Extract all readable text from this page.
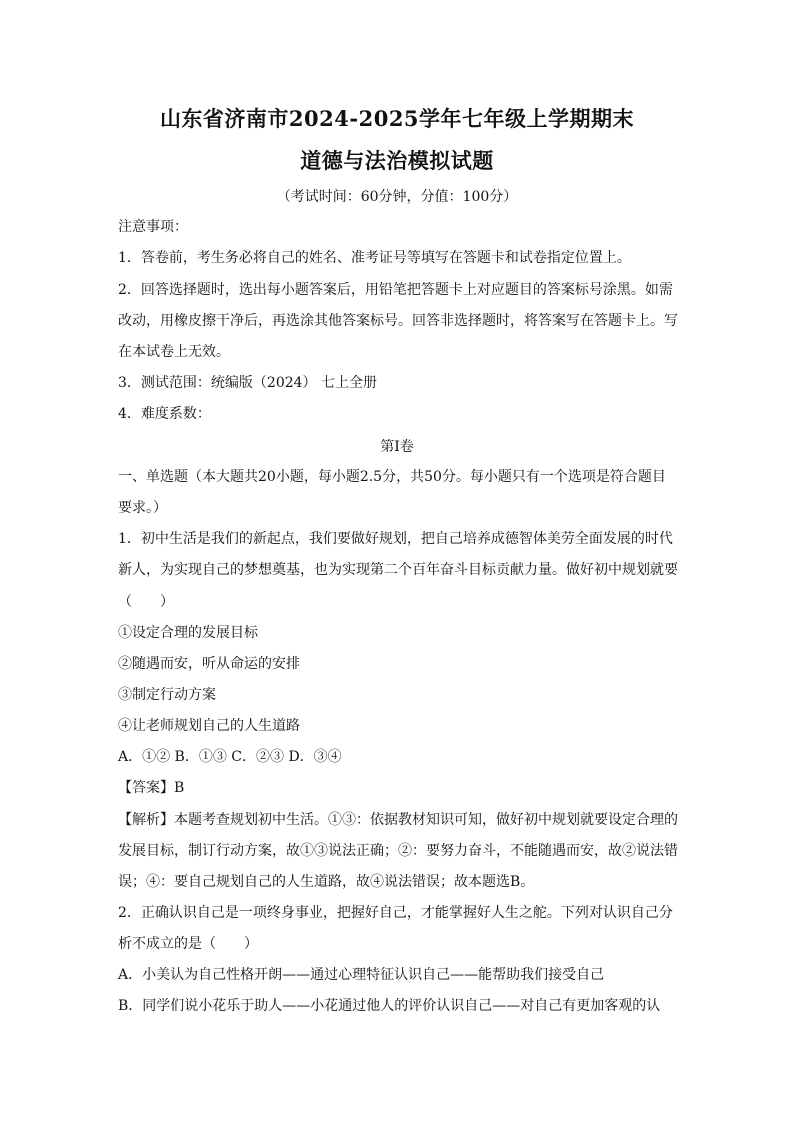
山东省济南市2024-2025学年七年级上学期期末
道德与法治模拟试题
（考试时间：60分钟，分值：100分）
注意事项：
1．答卷前，考生务必将自己的姓名、准考证号等填写在答题卡和试卷指定位置上。
2．回答选择题时，选出每小题答案后，用铅笔把答题卡上对应题目的答案标号涂黑。如需
改动，用橡皮擦干净后，再选涂其他答案标号。回答非选择题时，将答案写在答题卡上。写
在本试卷上无效。
3．测试范围：统编版（2024） 七上全册
4．难度系数：
第Ⅰ卷
一、单选题（本大题共20小题，每小题2.5分，共50分。每小题只有一个选项是符合题目
要求。）
1．初中生活是我们的新起点，我们要做好规划，把自己培养成德智体美劳全面发展的时代
新人，为实现自己的梦想奠基，也为实现第二个百年奋斗目标贡献力量。做好初中规划就要
（　　）
①设定合理的发展目标
②随遇而安，听从命运的安排
③制定行动方案
④让老师规划自己的人生道路
A．①② B．①③ C．②③ D．③④
【答案】B
【解析】本题考查规划初中生活。①③：依据教材知识可知，做好初中规划就要设定合理的
发展目标，制订行动方案，故①③说法正确；②：要努力奋斗，不能随遇而安，故②说法错
误；④：要自己规划自己的人生道路，故④说法错误；故本题选B。
2．正确认识自己是一项终身事业，把握好自己，才能掌握好人生之舵。下列对认识自己分
析不成立的是（　　）
A．小美认为自己性格开朗——通过心理特征认识自己——能帮助我们接受自己
B．同学们说小花乐于助人——小花通过他人的评价认识自己——对自己有更加客观的认
